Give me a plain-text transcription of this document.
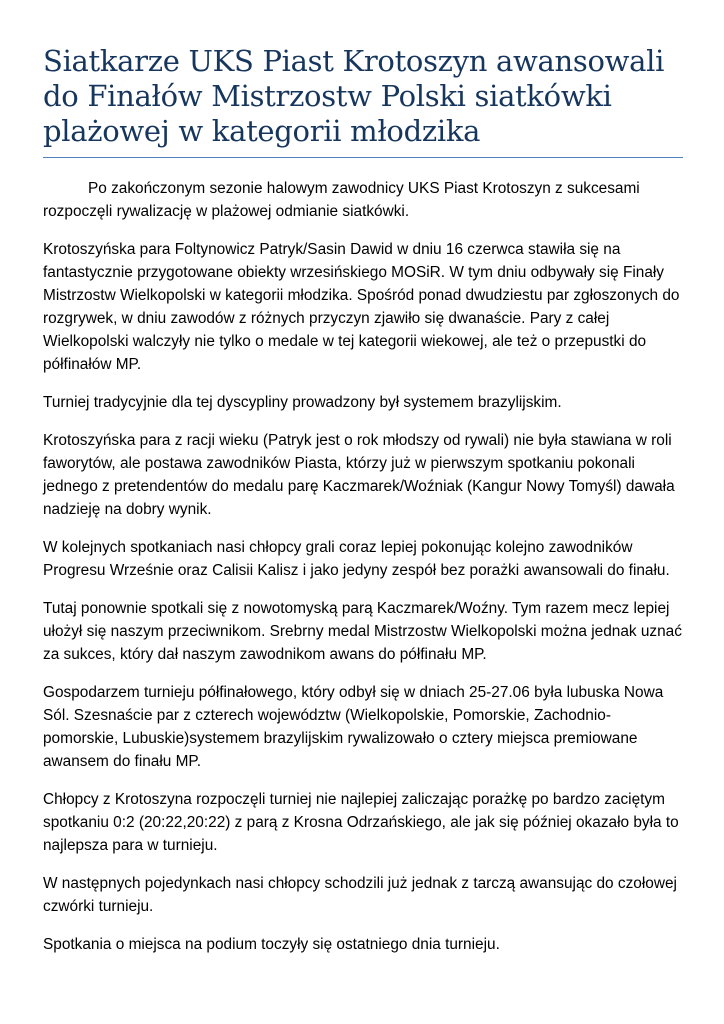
Siatkarze UKS Piast Krotoszyn awansowali do Finałów Mistrzostw Polski siatkówki plażowej w kategorii młodzika

Po zakończonym sezonie halowym zawodnicy UKS Piast Krotoszyn z sukcesami rozpoczęli rywalizację w plażowej odmianie siatkówki.

Krotoszyńska para Foltynowicz Patryk/Sasin Dawid w dniu 16 czerwca stawiła się na fantastycznie przygotowane obiekty wrzesińskiego MOSiR. W tym dniu odbywały się Finały Mistrzostw Wielkopolski w kategorii młodzika. Spośród ponad dwudziestu par zgłoszonych do rozgrywek, w dniu zawodów z różnych przyczyn zjawiło się dwanaście. Pary z całej Wielkopolski walczyły nie tylko o medale w tej kategorii wiekowej, ale też o przepustki do półfinałów MP.

Turniej tradycyjnie dla tej dyscypliny prowadzony był systemem brazylijskim.

Krotoszyńska para z racji wieku (Patryk jest o rok młodszy od rywali) nie była stawiana w roli faworytów, ale postawa zawodników Piasta, którzy już w pierwszym spotkaniu pokonali jednego z pretendentów do medalu parę Kaczmarek/Woźniak (Kangur Nowy Tomyśl) dawała nadzieję na dobry wynik.

W kolejnych spotkaniach nasi chłopcy grali coraz lepiej pokonując kolejno zawodników Progresu Wrześnie oraz Calisii Kalisz i jako jedyny zespół bez porażki awansowali do finału.

Tutaj ponownie spotkali się z nowotomyską parą Kaczmarek/Woźny. Tym razem mecz lepiej ułożył się naszym przeciwnikom. Srebrny medal Mistrzostw Wielkopolski można jednak uznać za sukces, który dał naszym zawodnikom awans do półfinału MP.

Gospodarzem turnieju półfinałowego, który odbył się w dniach 25-27.06 była lubuska Nowa Sól. Szesnaście par z czterech województw (Wielkopolskie, Pomorskie, Zachodnio-pomorskie, Lubuskie)systemem brazylijskim rywalizowało o cztery miejsca premiowane awansem do finału MP.

Chłopcy z Krotoszyna rozpoczęli turniej nie najlepiej zaliczając porażkę po bardzo zaciętym spotkaniu 0:2 (20:22,20:22) z parą z Krosna Odrzańskiego, ale jak się później okazało była to najlepsza para w turnieju.

W następnych pojedynkach nasi chłopcy schodzili już jednak z tarczą awansując do czołowej czwórki turnieju.

Spotkania o miejsca na podium toczyły się ostatniego dnia turnieju.
